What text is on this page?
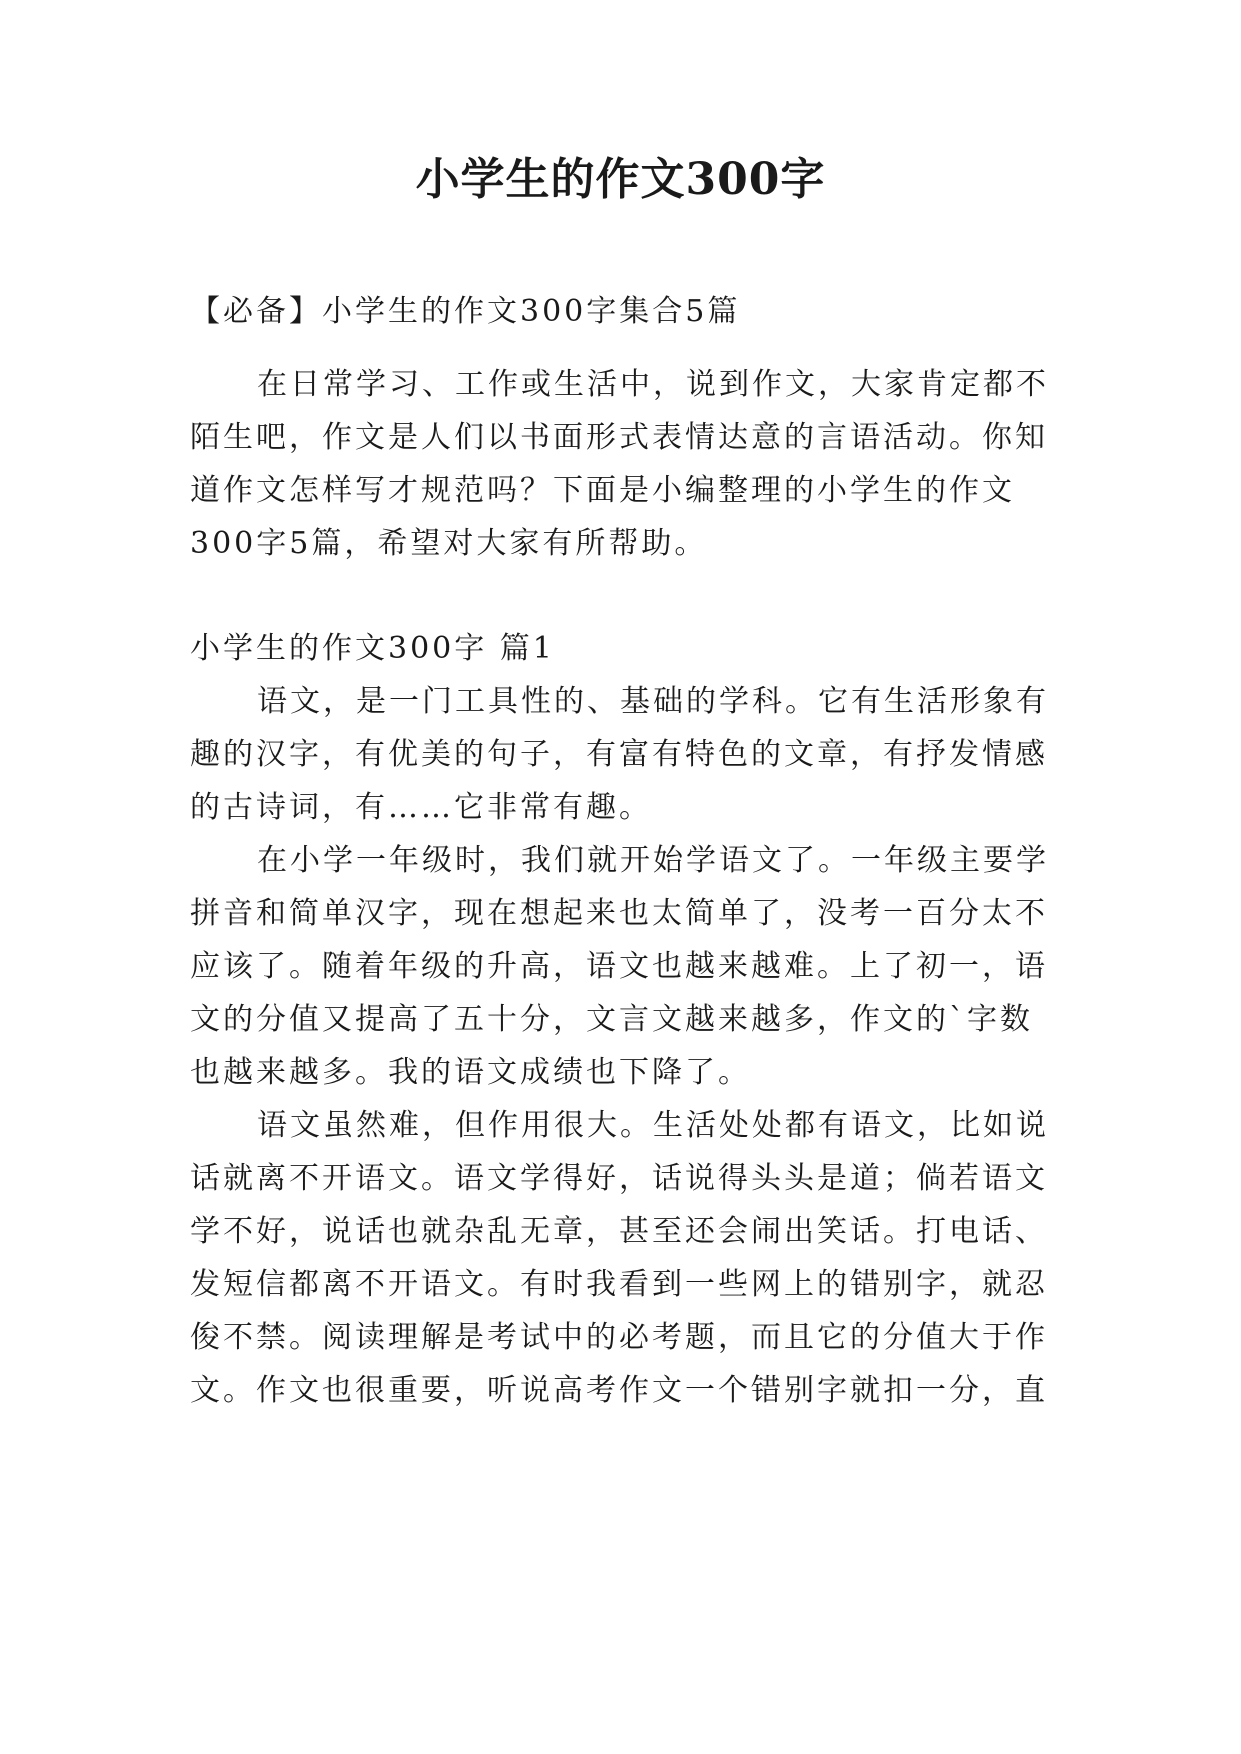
小学生的作文300字
【必备】小学生的作文300字集合5篇
在日常学习、工作或生活中，说到作文，大家肯定都不
陌生吧，作文是人们以书面形式表情达意的言语活动。你知
道作文怎样写才规范吗？下面是小编整理的小学生的作文
300字5篇，希望对大家有所帮助。
小学生的作文300字 篇1
语文，是一门工具性的、基础的学科。它有生活形象有
趣的汉字，有优美的句子，有富有特色的文章，有抒发情感
的古诗词，有……它非常有趣。
在小学一年级时，我们就开始学语文了。一年级主要学
拼音和简单汉字，现在想起来也太简单了，没考一百分太不
应该了。随着年级的升高，语文也越来越难。上了初一，语
文的分值又提高了五十分，文言文越来越多，作文的`字数
也越来越多。我的语文成绩也下降了。
语文虽然难，但作用很大。生活处处都有语文，比如说
话就离不开语文。语文学得好，话说得头头是道；倘若语文
学不好，说话也就杂乱无章，甚至还会闹出笑话。打电话、
发短信都离不开语文。有时我看到一些网上的错别字，就忍
俊不禁。阅读理解是考试中的必考题，而且它的分值大于作
文。作文也很重要，听说高考作文一个错别字就扣一分，直
